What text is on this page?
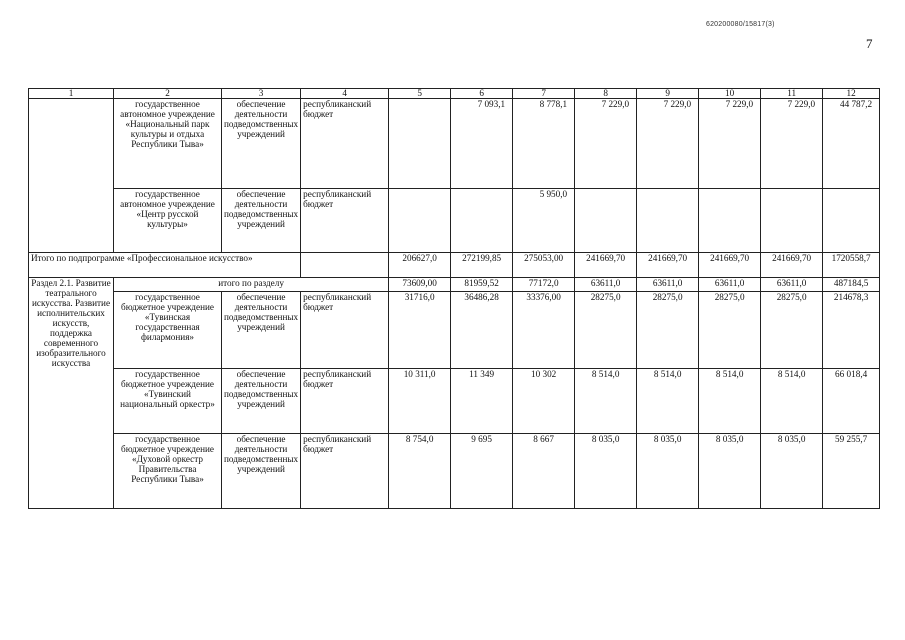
620200080/15817(3)
7
1	2	3	4	5	6	7	8	9	10	11	12
	государственное автономное учреждение «Национальный парк культуры и отдыха Республики Тыва»	обеспечение деятельности подведомственных учреждений	республиканский бюджет		7 093,1	8 778,1	7 229,0	7 229,0	7 229,0	7 229,0	44 787,2
	государственное автономное учреждение «Центр русской культуры»	обеспечение деятельности подведомственных учреждений	республиканский бюджет			5 950,0					
Итого по подпрограмме «Профессиональное искусство»				206627,0	272199,85	275053,00	241669,70	241669,70	241669,70	241669,70	1720558,7
Раздел 2.1. Развитие театрального искусства. Развитие исполнительских искусств, поддержка современного изобразительного искусства	итого по разделу			73609,00	81959,52	77172,0	63611,0	63611,0	63611,0	63611,0	487184,5
	государственное бюджетное учреждение «Тувинская государственная филармония»	обеспечение деятельности подведомственных учреждений	республиканский бюджет	31716,0	36486,28	33376,00	28275,0	28275,0	28275,0	28275,0	214678,3
	государственное бюджетное учреждение «Тувинский национальный оркестр»	обеспечение деятельности подведомственных учреждений	республиканский бюджет	10 311,0	11 349	10 302	8 514,0	8 514,0	8 514,0	8 514,0	66 018,4
	государственное бюджетное учреждение «Духовой оркестр Правительства Республики Тыва»	обеспечение деятельности подведомственных учреждений	республиканский бюджет	8 754,0	9 695	8 667	8 035,0	8 035,0	8 035,0	8 035,0	59 255,7
